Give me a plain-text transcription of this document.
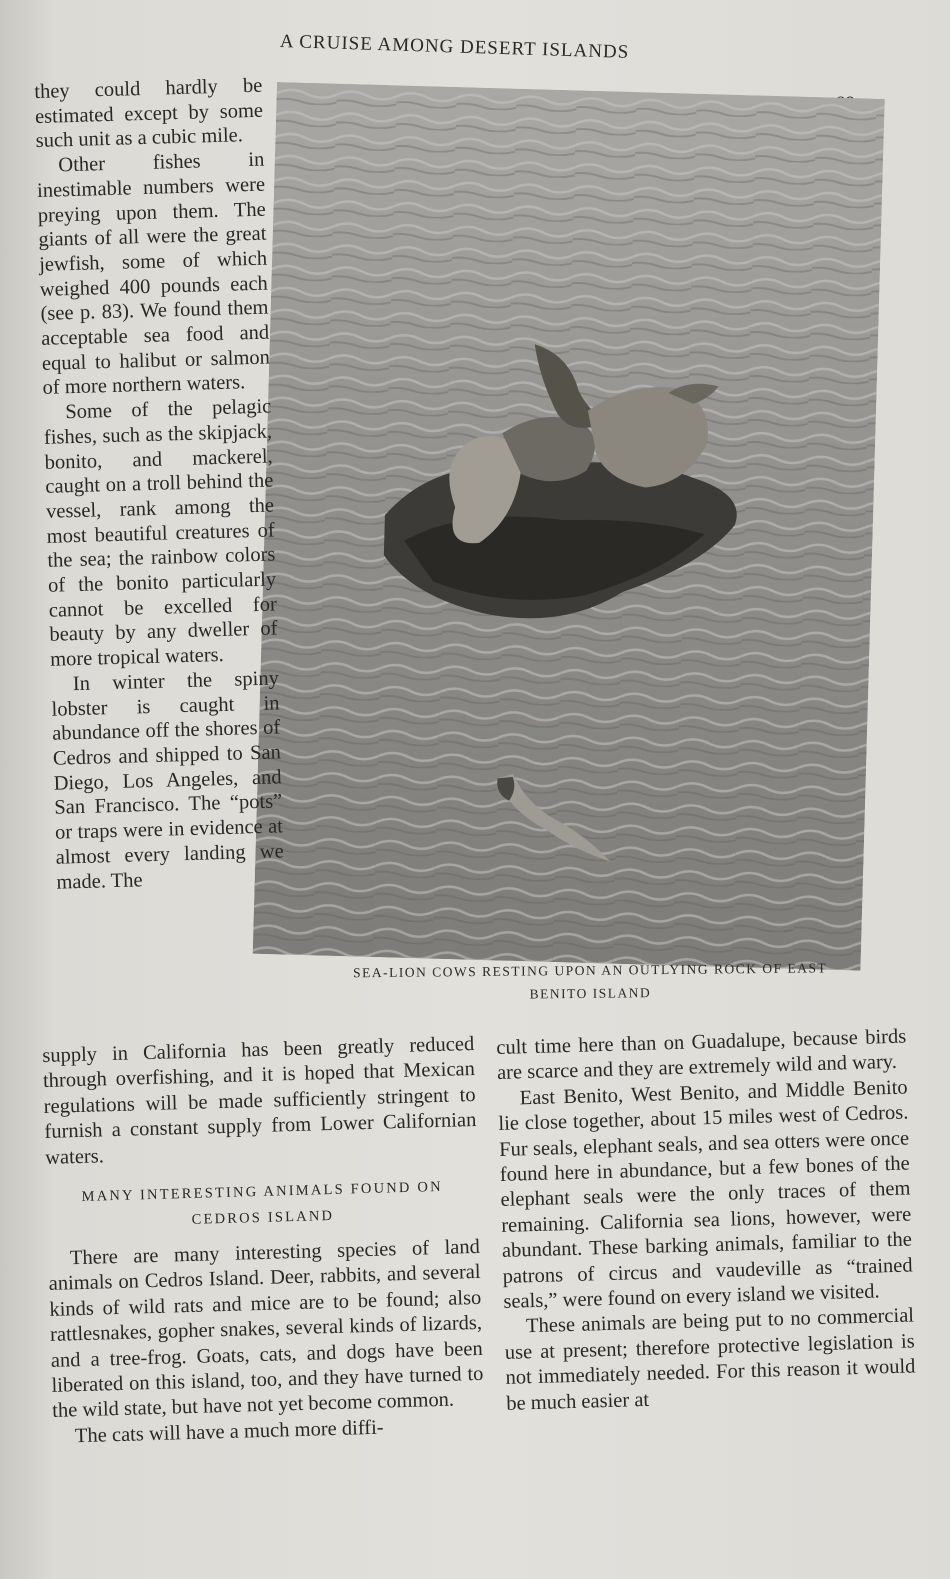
A CRUISE AMONG DESERT ISLANDS
SEA-LION COWS RESTING UPON AN OUTLYING ROCK OF EAST
BENITO ISLAND

they could hardly be estimated except by some such unit as a cubic mile.

Other fishes in inestimable numbers were preying upon them. The giants of all were the great jewfish, some of which weighed 400 pounds each (see p. 83). We found them acceptable sea food and equal to halibut or salmon of more northern waters.

Some of the pelagic fishes, such as the skipjack, bonito, and mackerel, caught on a troll behind the vessel, rank among the most beautiful creatures of the sea; the rainbow colors of the bonito particularly cannot be excelled for beauty by any dweller of more tropical waters.

In winter the spiny lobster is caught in abundance off the shores of Cedros and shipped to San Diego, Los Angeles, and San Francisco. The “pots” or traps were in evidence at almost every landing we made. The

supply in California has been greatly reduced through overfishing, and it is hoped that Mexican regulations will be made sufficiently stringent to furnish a constant supply from Lower Californian waters.

MANY INTERESTING ANIMALS FOUND ON
CEDROS ISLAND

There are many interesting species of land animals on Cedros Island. Deer, rabbits, and several kinds of wild rats and mice are to be found; also rattlesnakes, gopher snakes, several kinds of lizards, and a tree-frog. Goats, cats, and dogs have been liberated on this island, too, and they have turned to the wild state, but have not yet become common.

The cats will have a much more diffi-

cult time here than on Guadalupe, because birds are scarce and they are extremely wild and wary.

East Benito, West Benito, and Middle Benito lie close together, about 15 miles west of Cedros. Fur seals, elephant seals, and sea otters were once found here in abundance, but a few bones of the elephant seals were the only traces of them remaining. California sea lions, however, were abundant. These barking animals, familiar to the patrons of circus and vaudeville as “trained seals,” were found on every island we visited.

These animals are being put to no commercial use at present; therefore protective legislation is not immediately needed. For this reason it would be much easier at
